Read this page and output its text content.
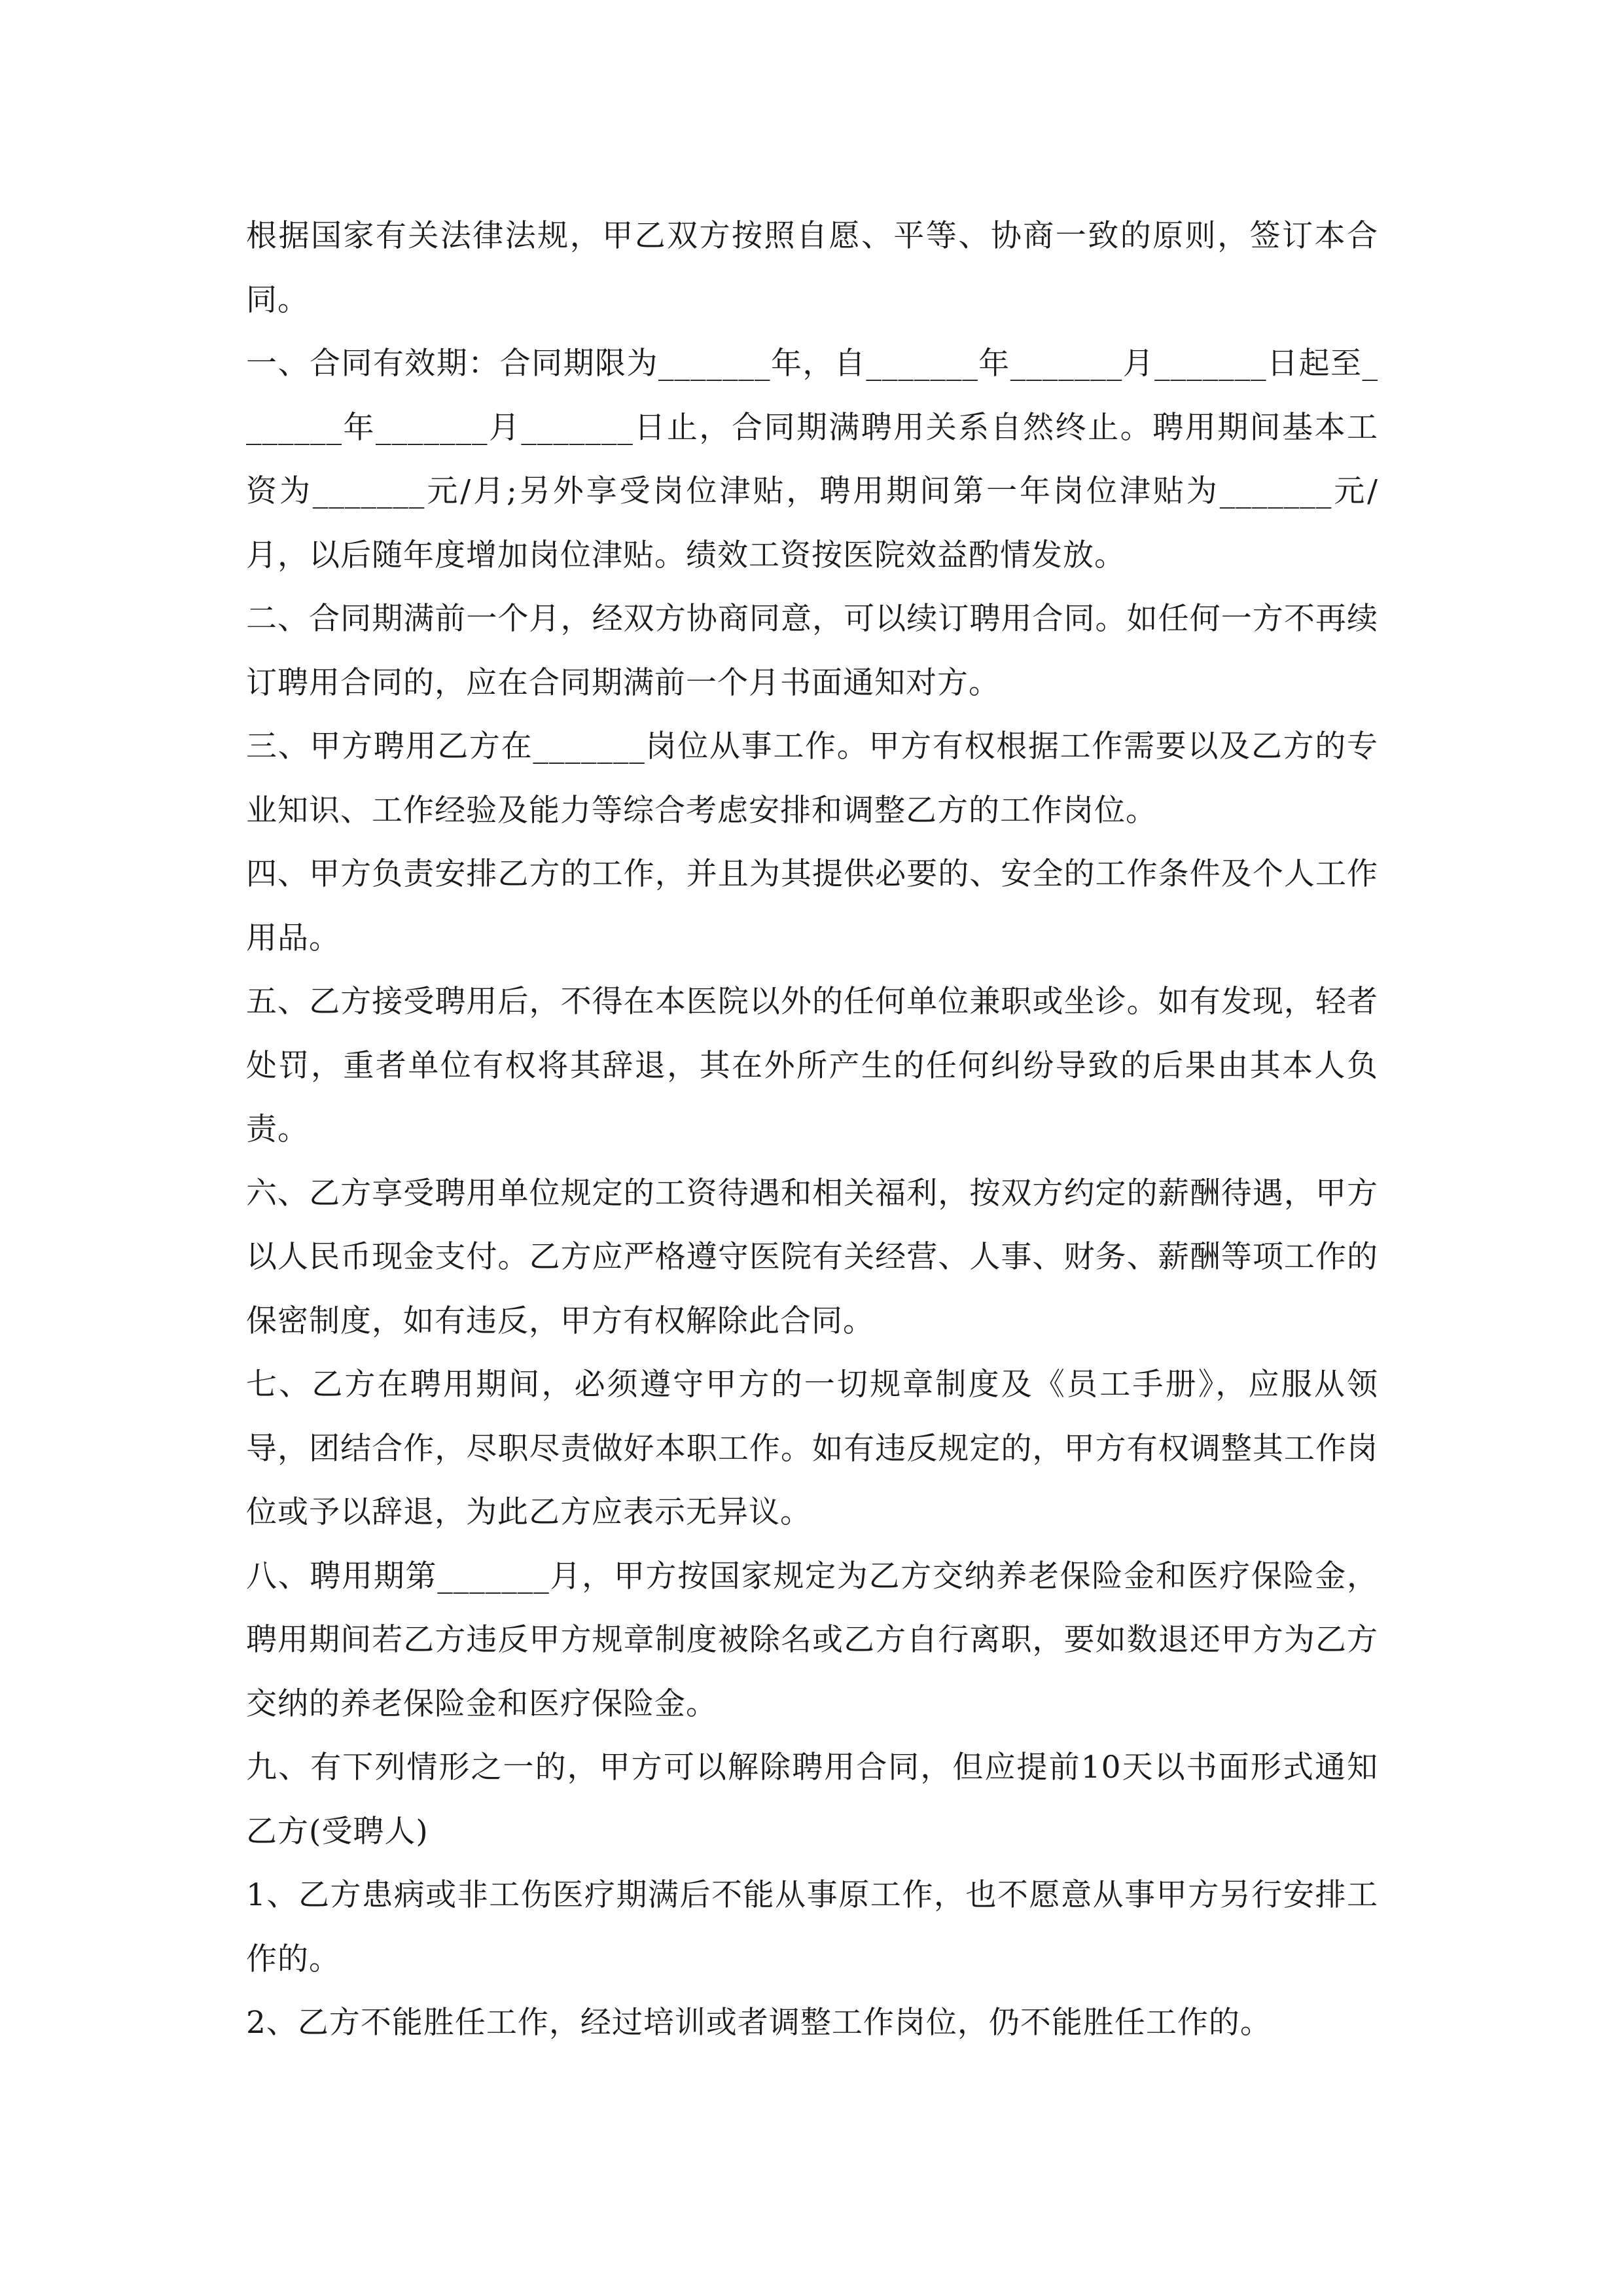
根据国家有关法律法规，甲乙双方按照自愿、平等、协商一致的原则，签订本合同。

一、合同有效期：合同期限为_______年，自_______年_______月_______日起至_______年_______月_______日止，合同期满聘用关系自然终止。聘用期间基本工资为_______元/月;另外享受岗位津贴，聘用期间第一年岗位津贴为_______元/月，以后随年度增加岗位津贴。绩效工资按医院效益酌情发放。

二、合同期满前一个月，经双方协商同意，可以续订聘用合同。如任何一方不再续订聘用合同的，应在合同期满前一个月书面通知对方。

三、甲方聘用乙方在_______岗位从事工作。甲方有权根据工作需要以及乙方的专业知识、工作经验及能力等综合考虑安排和调整乙方的工作岗位。

四、甲方负责安排乙方的工作，并且为其提供必要的、安全的工作条件及个人工作用品。

五、乙方接受聘用后，不得在本医院以外的任何单位兼职或坐诊。如有发现，轻者处罚，重者单位有权将其辞退，其在外所产生的任何纠纷导致的后果由其本人负责。

六、乙方享受聘用单位规定的工资待遇和相关福利，按双方约定的薪酬待遇，甲方以人民币现金支付。乙方应严格遵守医院有关经营、人事、财务、薪酬等项工作的保密制度，如有违反，甲方有权解除此合同。

七、乙方在聘用期间，必须遵守甲方的一切规章制度及《员工手册》，应服从领导，团结合作，尽职尽责做好本职工作。如有违反规定的，甲方有权调整其工作岗位或予以辞退，为此乙方应表示无异议。

八、聘用期第_______月，甲方按国家规定为乙方交纳养老保险金和医疗保险金，聘用期间若乙方违反甲方规章制度被除名或乙方自行离职，要如数退还甲方为乙方交纳的养老保险金和医疗保险金。

九、有下列情形之一的，甲方可以解除聘用合同，但应提前10天以书面形式通知乙方(受聘人)

1、乙方患病或非工伤医疗期满后不能从事原工作，也不愿意从事甲方另行安排工作的。

2、乙方不能胜任工作，经过培训或者调整工作岗位，仍不能胜任工作的。
